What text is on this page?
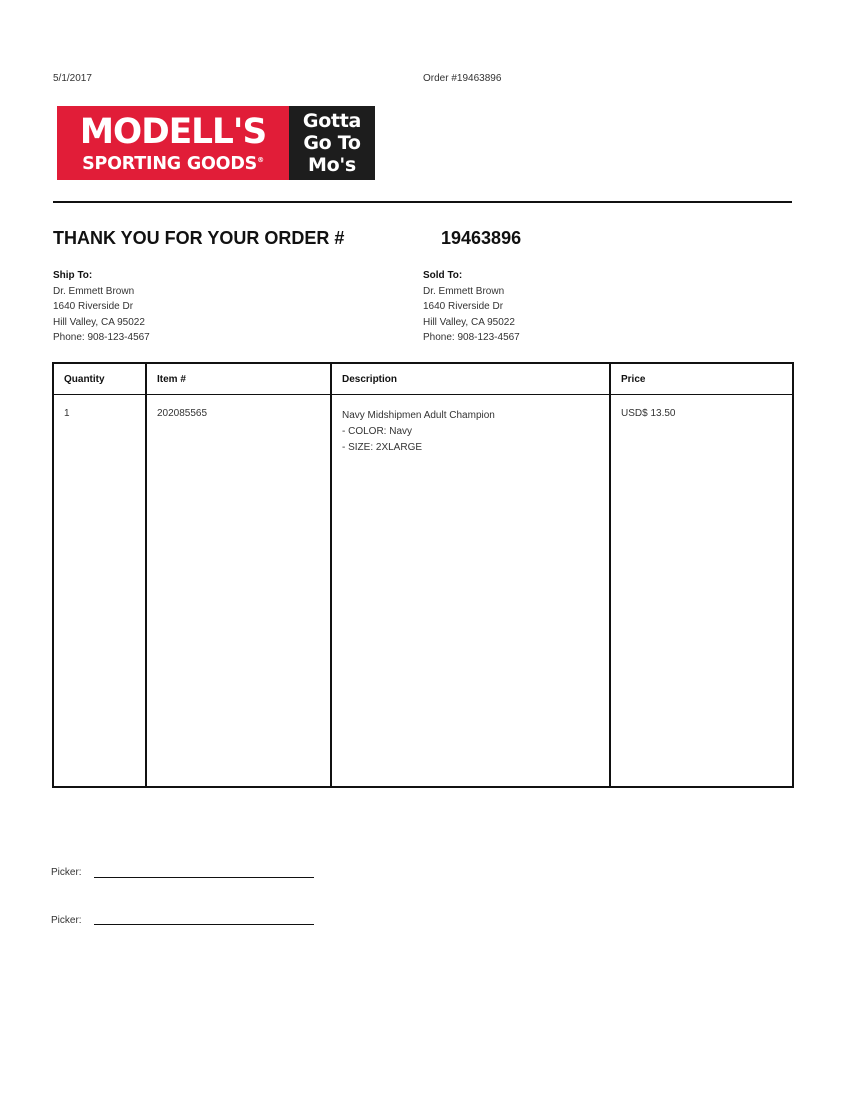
5/1/2017	Order #19463896
MODELL'S
SPORTING GOODS®
Gotta
Go To
Mo's
THANK YOU FOR YOUR ORDER #	19463896
Ship To:
Dr. Emmett Brown
1640 Riverside Dr
Hill Valley, CA 95022
Phone: 908-123-4567
Sold To:
Dr. Emmett Brown
1640 Riverside Dr
Hill Valley, CA 95022
Phone: 908-123-4567
Quantity	Item #	Description	Price
1	202085565	Navy Midshipmen Adult Champion
- COLOR: Navy
- SIZE: 2XLARGE	USD$ 13.50
Picker:
Picker:
